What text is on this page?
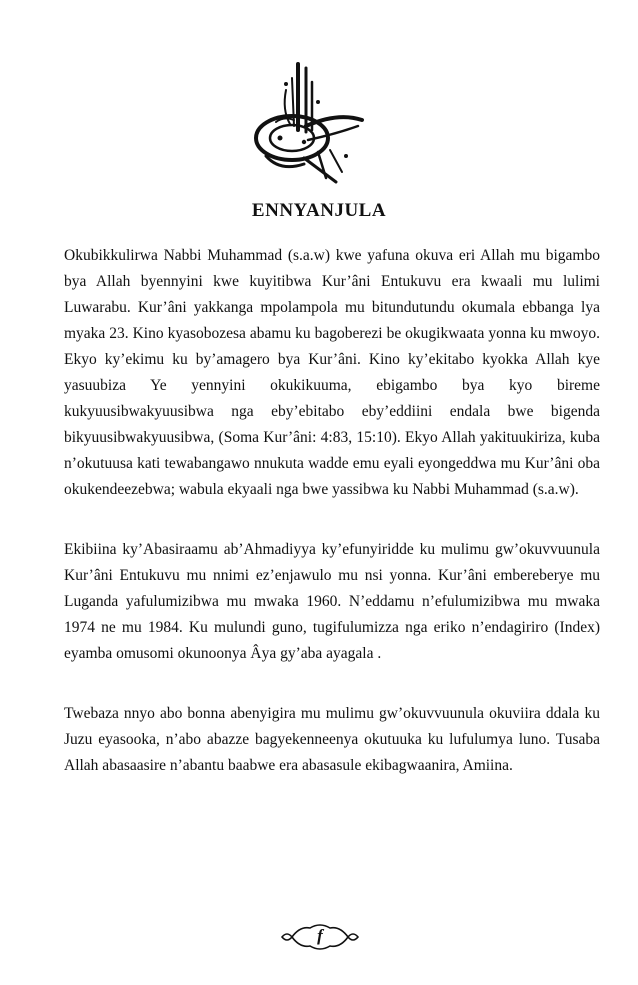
ENNYANJULA

Okubikkulirwa Nabbi Muhammad (s.a.w) kwe yafuna okuva eri Allah mu bigambo bya Allah byennyini kwe kuyitibwa Kur’âni Entukuvu era kwaali mu lulimi Luwarabu. Kur’âni yakkanga mpolampola mu bitundutundu okumala ebbanga lya myaka 23. Kino kyasobozesa abamu ku bagoberezi be okugikwaata yonna ku mwoyo. Ekyo ky’ekimu ku by’amagero bya Kur’âni. Kino ky’ekitabo kyokka Allah kye yasuubiza Ye yennyini okukikuuma, ebigambo bya kyo bireme kukyuusibwakyuusibwa nga eby’ebitabo eby’eddiini endala bwe bigenda bikyuusibwakyuusibwa, (Soma Kur’âni: 4:83, 15:10). Ekyo Allah yakituukiriza, kuba n’okutuusa kati tewabangawo nnukuta wadde emu eyali eyongeddwa mu Kur’âni oba okukendeezebwa; wabula ekyaali nga bwe yassibwa ku Nabbi Muhammad (s.a.w).

Ekibiina ky’Abasiraamu ab’Ahmadiyya ky’efunyiridde ku mulimu gw’okuvvuunula Kur’âni Entukuvu mu nnimi ez’enjawulo mu nsi yonna. Kur’âni embereberye mu Luganda yafulumizibwa mu mwaka 1960. N’eddamu n’efulumizibwa mu mwaka 1974 ne mu 1984. Ku mulundi guno, tugifulumizza nga eriko n’endagiriro (Index) eyamba omusomi okunoonya Âya gy’aba ayagala .

Twebaza nnyo abo bonna abenyigira mu mulimu gw’okuvvuunula okuviira ddala ku Juzu eyasooka, n’abo abazze bagyekenneenya okutuuka ku lufulumya luno. Tusaba Allah abasaasire n’abantu baabwe era abasasule ekibagwaanira, Amiina.

f
